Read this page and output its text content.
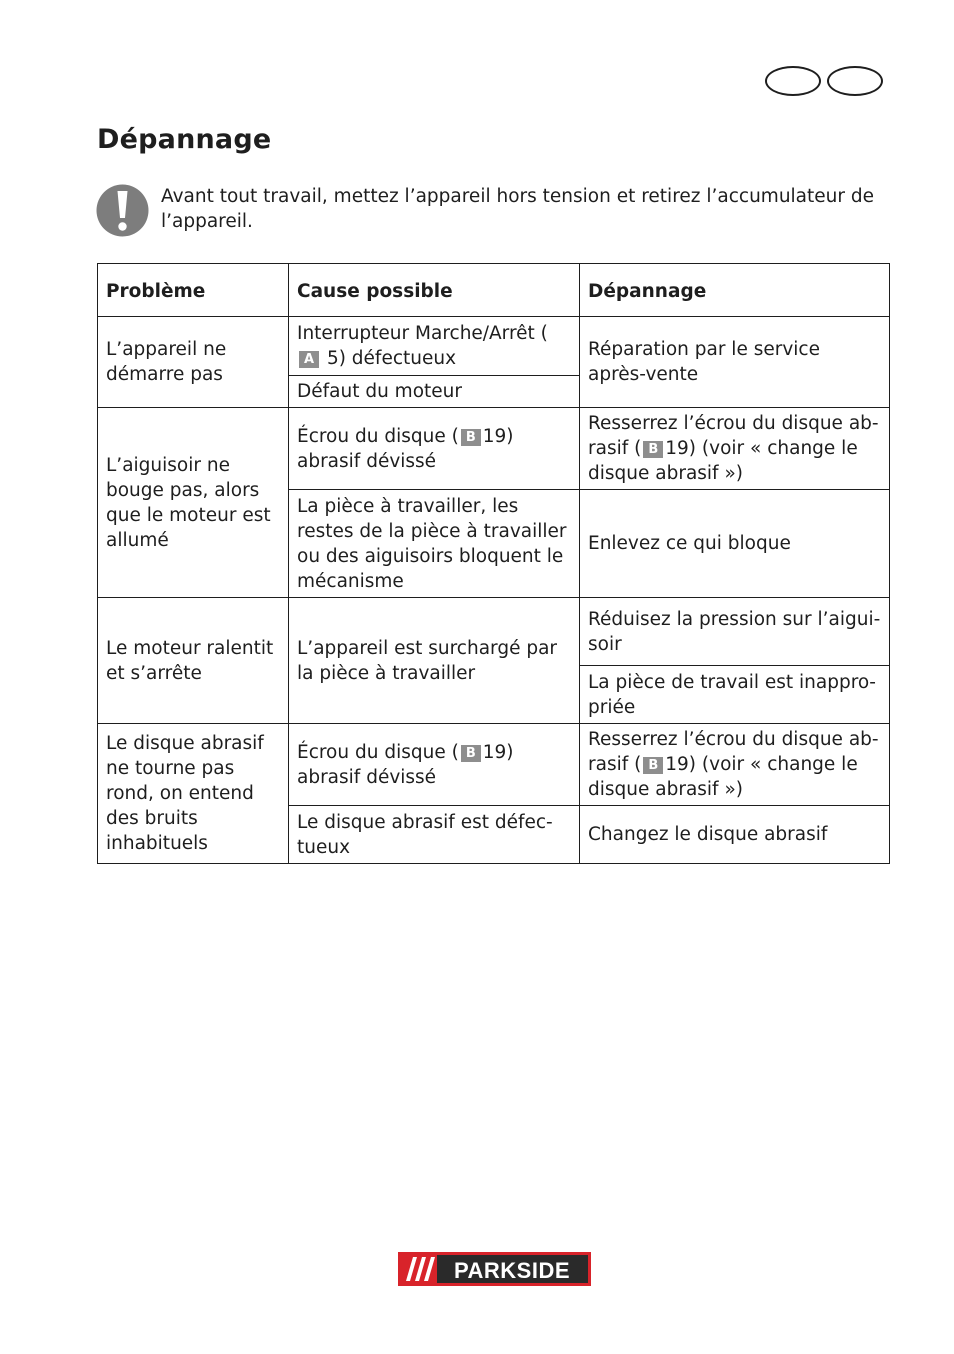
Dépannage

Avant tout travail, mettez l’appareil hors tension et retirez l’accumulateur de l’appareil.

Problème	Cause possible	Dépannage
L’appareil ne démarre pas	Interrupteur Marche/Arrêt (A 5) défectueux	Réparation par le service après-vente
	Défaut du moteur	
L’aiguisoir ne bouge pas, alors que le moteur est allumé	Écrou du disque ( B 19) abrasif dévissé	Resserrez l’écrou du disque abrasif ( B 19) (voir « change le disque abrasif »)
	La pièce à travailler, les restes de la pièce à travailler ou des aiguisoirs bloquent le mécanisme	Enlevez ce qui bloque
Le moteur ralentit et s’arrête	L’appareil est surchargé par la pièce à travailler	Réduisez la pression sur l’aiguisoir
		La pièce de travail est inappropriée
Le disque abrasif ne tourne pas rond, on entend des bruits inhabituels	Écrou du disque ( B 19) abrasif dévissé	Resserrez l’écrou du disque abrasif ( B 19) (voir « change le disque abrasif »)
	Le disque abrasif est défectueux	Changez le disque abrasif
PARKSIDE
